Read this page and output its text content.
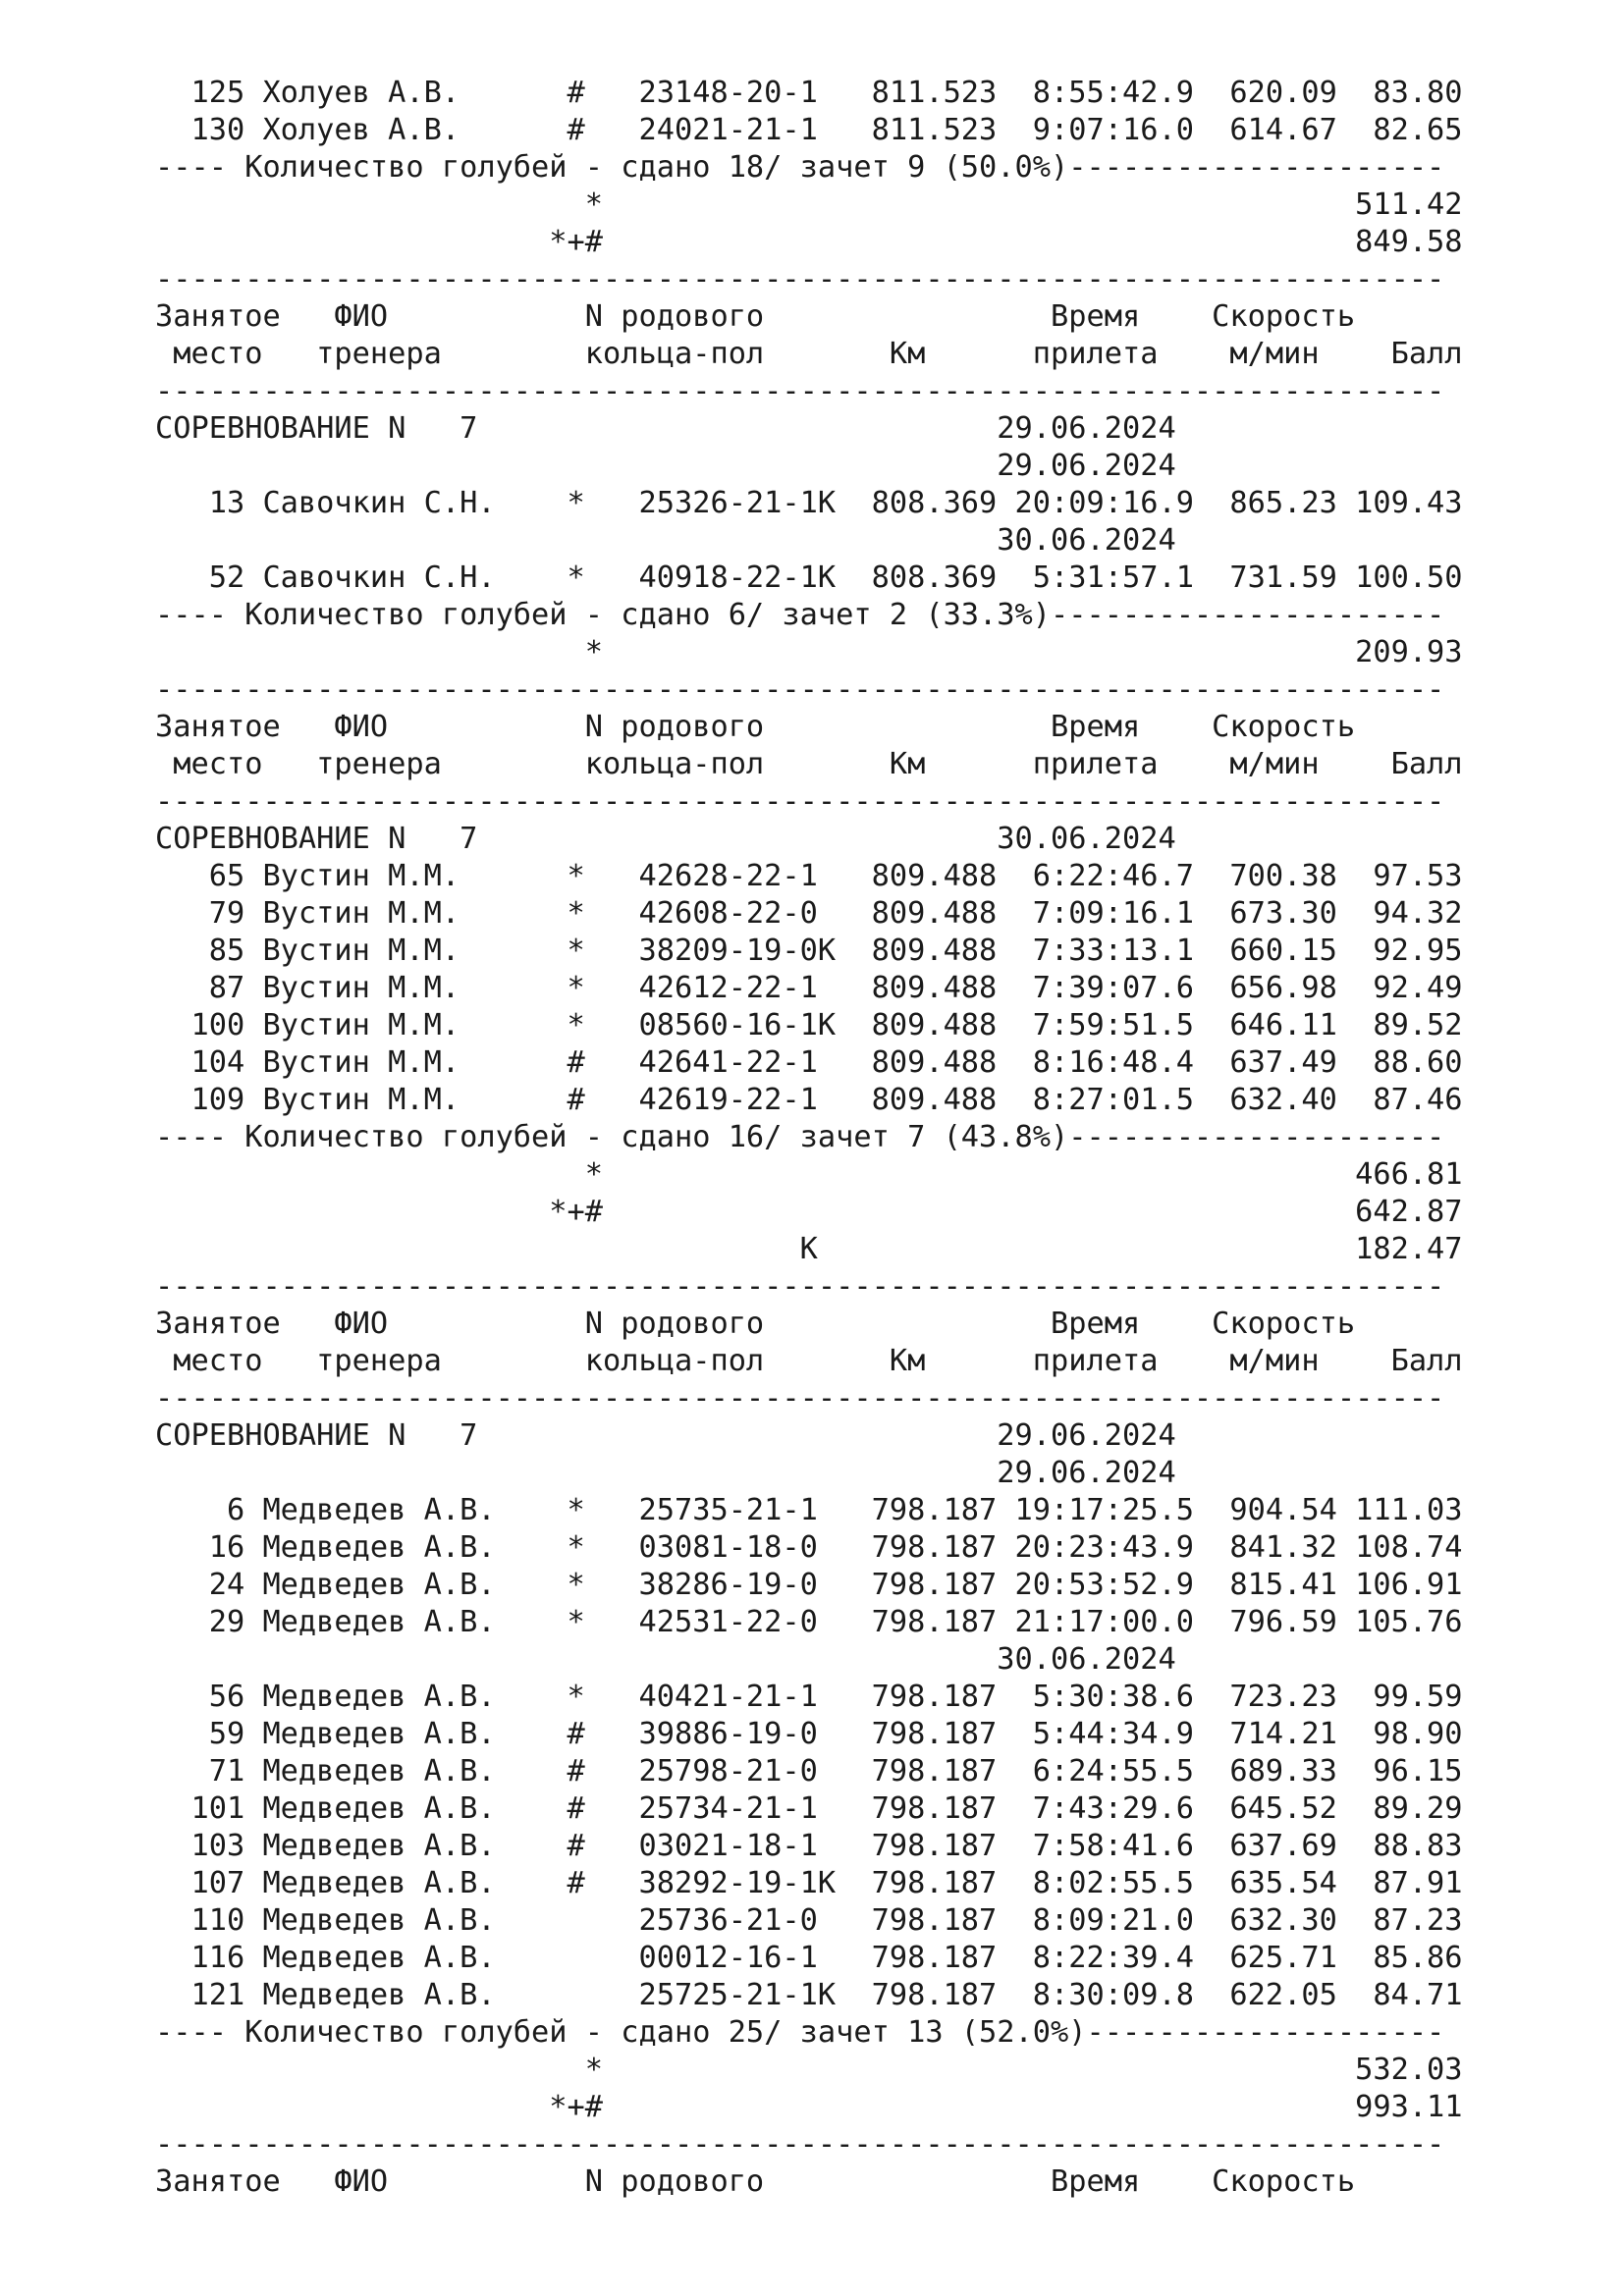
125 Холуев А.В.      #   23148-20-1   811.523  8:55:42.9  620.09  83.80
130 Холуев А.В.      #   24021-21-1   811.523  9:07:16.0  614.67  82.65
---- Количество голубей - сдано 18/ зачет 9 (50.0%)---------------------
*                                          511.42
*+#                                          849.58
------------------------------------------------------------------------
Занятое   ФИО           N родового                Время    Скорость
место   тренера        кольца-пол       Км      прилета    м/мин    Балл
------------------------------------------------------------------------
СОРЕВНОВАНИЕ N   7                             29.06.2024
29.06.2024
13 Савочкин С.Н.    *   25326-21-1К  808.369 20:09:16.9  865.23 109.43
30.06.2024
52 Савочкин С.Н.    *   40918-22-1К  808.369  5:31:57.1  731.59 100.50
---- Количество голубей - сдано 6/ зачет 2 (33.3%)----------------------
*                                          209.93
------------------------------------------------------------------------
Занятое   ФИО           N родового                Время    Скорость
место   тренера        кольца-пол       Км      прилета    м/мин    Балл
------------------------------------------------------------------------
СОРЕВНОВАНИЕ N   7                             30.06.2024
65 Вустин М.М.      *   42628-22-1   809.488  6:22:46.7  700.38  97.53
79 Вустин М.М.      *   42608-22-0   809.488  7:09:16.1  673.30  94.32
85 Вустин М.М.      *   38209-19-0К  809.488  7:33:13.1  660.15  92.95
87 Вустин М.М.      *   42612-22-1   809.488  7:39:07.6  656.98  92.49
100 Вустин М.М.      *   08560-16-1К  809.488  7:59:51.5  646.11  89.52
104 Вустин М.М.      #   42641-22-1   809.488  8:16:48.4  637.49  88.60
109 Вустин М.М.      #   42619-22-1   809.488  8:27:01.5  632.40  87.46
---- Количество голубей - сдано 16/ зачет 7 (43.8%)---------------------
*                                          466.81
*+#                                          642.87
К                              182.47
------------------------------------------------------------------------
Занятое   ФИО           N родового                Время    Скорость
место   тренера        кольца-пол       Км      прилета    м/мин    Балл
------------------------------------------------------------------------
СОРЕВНОВАНИЕ N   7                             29.06.2024
29.06.2024
6 Медведев А.В.    *   25735-21-1   798.187 19:17:25.5  904.54 111.03
16 Медведев А.В.    *   03081-18-0   798.187 20:23:43.9  841.32 108.74
24 Медведев А.В.    *   38286-19-0   798.187 20:53:52.9  815.41 106.91
29 Медведев А.В.    *   42531-22-0   798.187 21:17:00.0  796.59 105.76
30.06.2024
56 Медведев А.В.    *   40421-21-1   798.187  5:30:38.6  723.23  99.59
59 Медведев А.В.    #   39886-19-0   798.187  5:44:34.9  714.21  98.90
71 Медведев А.В.    #   25798-21-0   798.187  6:24:55.5  689.33  96.15
101 Медведев А.В.    #   25734-21-1   798.187  7:43:29.6  645.52  89.29
103 Медведев А.В.    #   03021-18-1   798.187  7:58:41.6  637.69  88.83
107 Медведев А.В.    #   38292-19-1К  798.187  8:02:55.5  635.54  87.91
110 Медведев А.В.        25736-21-0   798.187  8:09:21.0  632.30  87.23
116 Медведев А.В.        00012-16-1   798.187  8:22:39.4  625.71  85.86
121 Медведев А.В.        25725-21-1К  798.187  8:30:09.8  622.05  84.71
---- Количество голубей - сдано 25/ зачет 13 (52.0%)--------------------
*                                          532.03
*+#                                          993.11
------------------------------------------------------------------------
Занятое   ФИО           N родового                Время    Скорость
